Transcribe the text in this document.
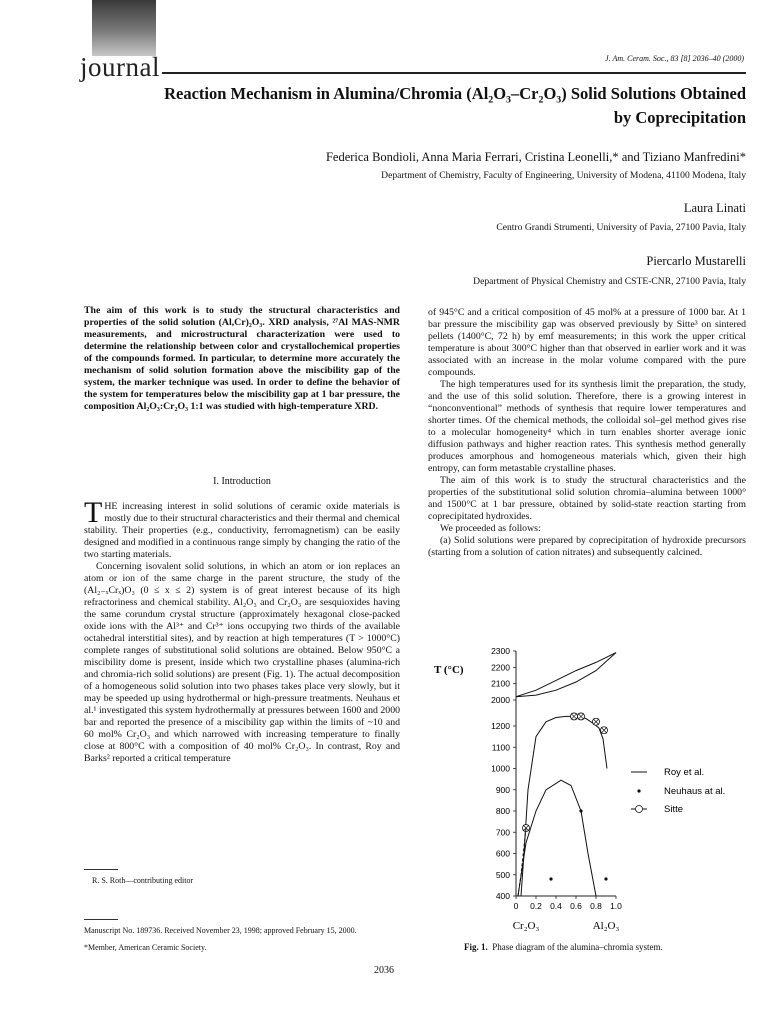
journal	J. Am. Ceram. Soc., 83 [8] 2036–40 (2000)
Reaction Mechanism in Alumina/Chromia (Al₂O₃–Cr₂O₃) Solid Solutions Obtained by Coprecipitation
Federica Bondioli, Anna Maria Ferrari, Cristina Leonelli,* and Tiziano Manfredini*
Department of Chemistry, Faculty of Engineering, University of Modena, 41100 Modena, Italy
Laura Linati
Centro Grandi Strumenti, University of Pavia, 27100 Pavia, Italy
Piercarlo Mustarelli
Department of Physical Chemistry and CSTE-CNR, 27100 Pavia, Italy
The aim of this work is to study the structural characteristics and properties of the solid solution (Al,Cr)₂O₃. XRD analysis, ²⁷Al MAS-NMR measurements, and microstructural characterization were used to determine the relationship between color and crystallochemical properties of the compounds formed. In particular, to determine more accurately the mechanism of solid solution formation above the miscibility gap of the system, the marker technique was used. In order to define the behavior of the system for temperatures below the miscibility gap at 1 bar pressure, the composition Al₂O₃:Cr₂O₃ 1:1 was studied with high-temperature XRD.
I. Introduction

THE increasing interest in solid solutions of ceramic oxide materials is mostly due to their structural characteristics and their thermal and chemical stability. Their properties (e.g., conductivity, ferromagnetism) can be easily designed and modified in a continuous range simply by changing the ratio of the two starting materials.

Concerning isovalent solid solutions, in which an atom or ion replaces an atom or ion of the same charge in the parent structure, the study of the (Al₂₋ₓCrₓ)O₃ (0 ≤ x ≤ 2) system is of great interest because of its high refractoriness and chemical stability. Al₂O₃ and Cr₂O₃ are sesquioxides having the same corundum crystal structure (approximately hexagonal close-packed oxide ions with the Al³⁺ and Cr³⁺ ions occupying two thirds of the available octahedral interstitial sites), and by reaction at high temperatures (T > 1000°C) complete ranges of substitutional solid solutions are obtained. Below 950°C a miscibility dome is present, inside which two crystalline phases (alumina-rich and chromia-rich solid solutions) are present (Fig. 1). The actual decomposition of a homogeneous solid solution into two phases takes place very slowly, but it may be speeded up using hydrothermal or high-pressure treatments. Neuhaus et al.¹ investigated this system hydrothermally at pressures between 1600 and 2000 bar and reported the presence of a miscibility gap within the limits of ~10 and 60 mol% Cr₂O₃ and which narrowed with increasing temperature to finally close at 800°C with a composition of 40 mol% Cr₂O₃. In contrast, Roy and Barks² reported a critical temperature

R. S. Roth—contributing editor
Manuscript No. 189736. Received November 23, 1998; approved February 15, 2000.
*Member, American Ceramic Society.

of 945°C and a critical composition of 45 mol% at a pressure of 1000 bar. At 1 bar pressure the miscibility gap was observed previously by Sitte³ on sintered pellets (1400°C, 72 h) by emf measurements; in this work the upper critical temperature is about 300°C higher than that observed in earlier work and it was associated with an increase in the molar volume compared with the pure compounds.

The high temperatures used for its synthesis limit the preparation, the study, and the use of this solid solution. Therefore, there is a growing interest in “nonconventional” methods of synthesis that require lower temperatures and shorter times. Of the chemical methods, the colloidal sol–gel method gives rise to a molecular homogeneity⁴ which in turn enables shorter average ionic diffusion pathways and higher reaction rates. This synthesis method generally produces amorphous and homogeneous materials which, given their high entropy, can form metastable crystalline phases.

The aim of this work is to study the structural characteristics and the properties of the substitutional solid solution chromia–alumina between 1000° and 1500°C at 1 bar pressure, obtained by solid-state reaction starting from coprecipitated hydroxides.

We proceeded as follows:

(a) Solid solutions were prepared by coprecipitation of hydroxide precursors (starting from a solution of cation nitrates) and subsequently calcined.

2300
2200
2100
2000
1200
1100
1000
900
800
700
600
500
400
0 0.2 0.4 0.6 0.8 1.0
T (°C)
Cr₂O₃	Al₂O₃
Roy et al.
Neuhaus at al.
Sitte
Fig. 1. Phase diagram of the alumina–chromia system.
2036
